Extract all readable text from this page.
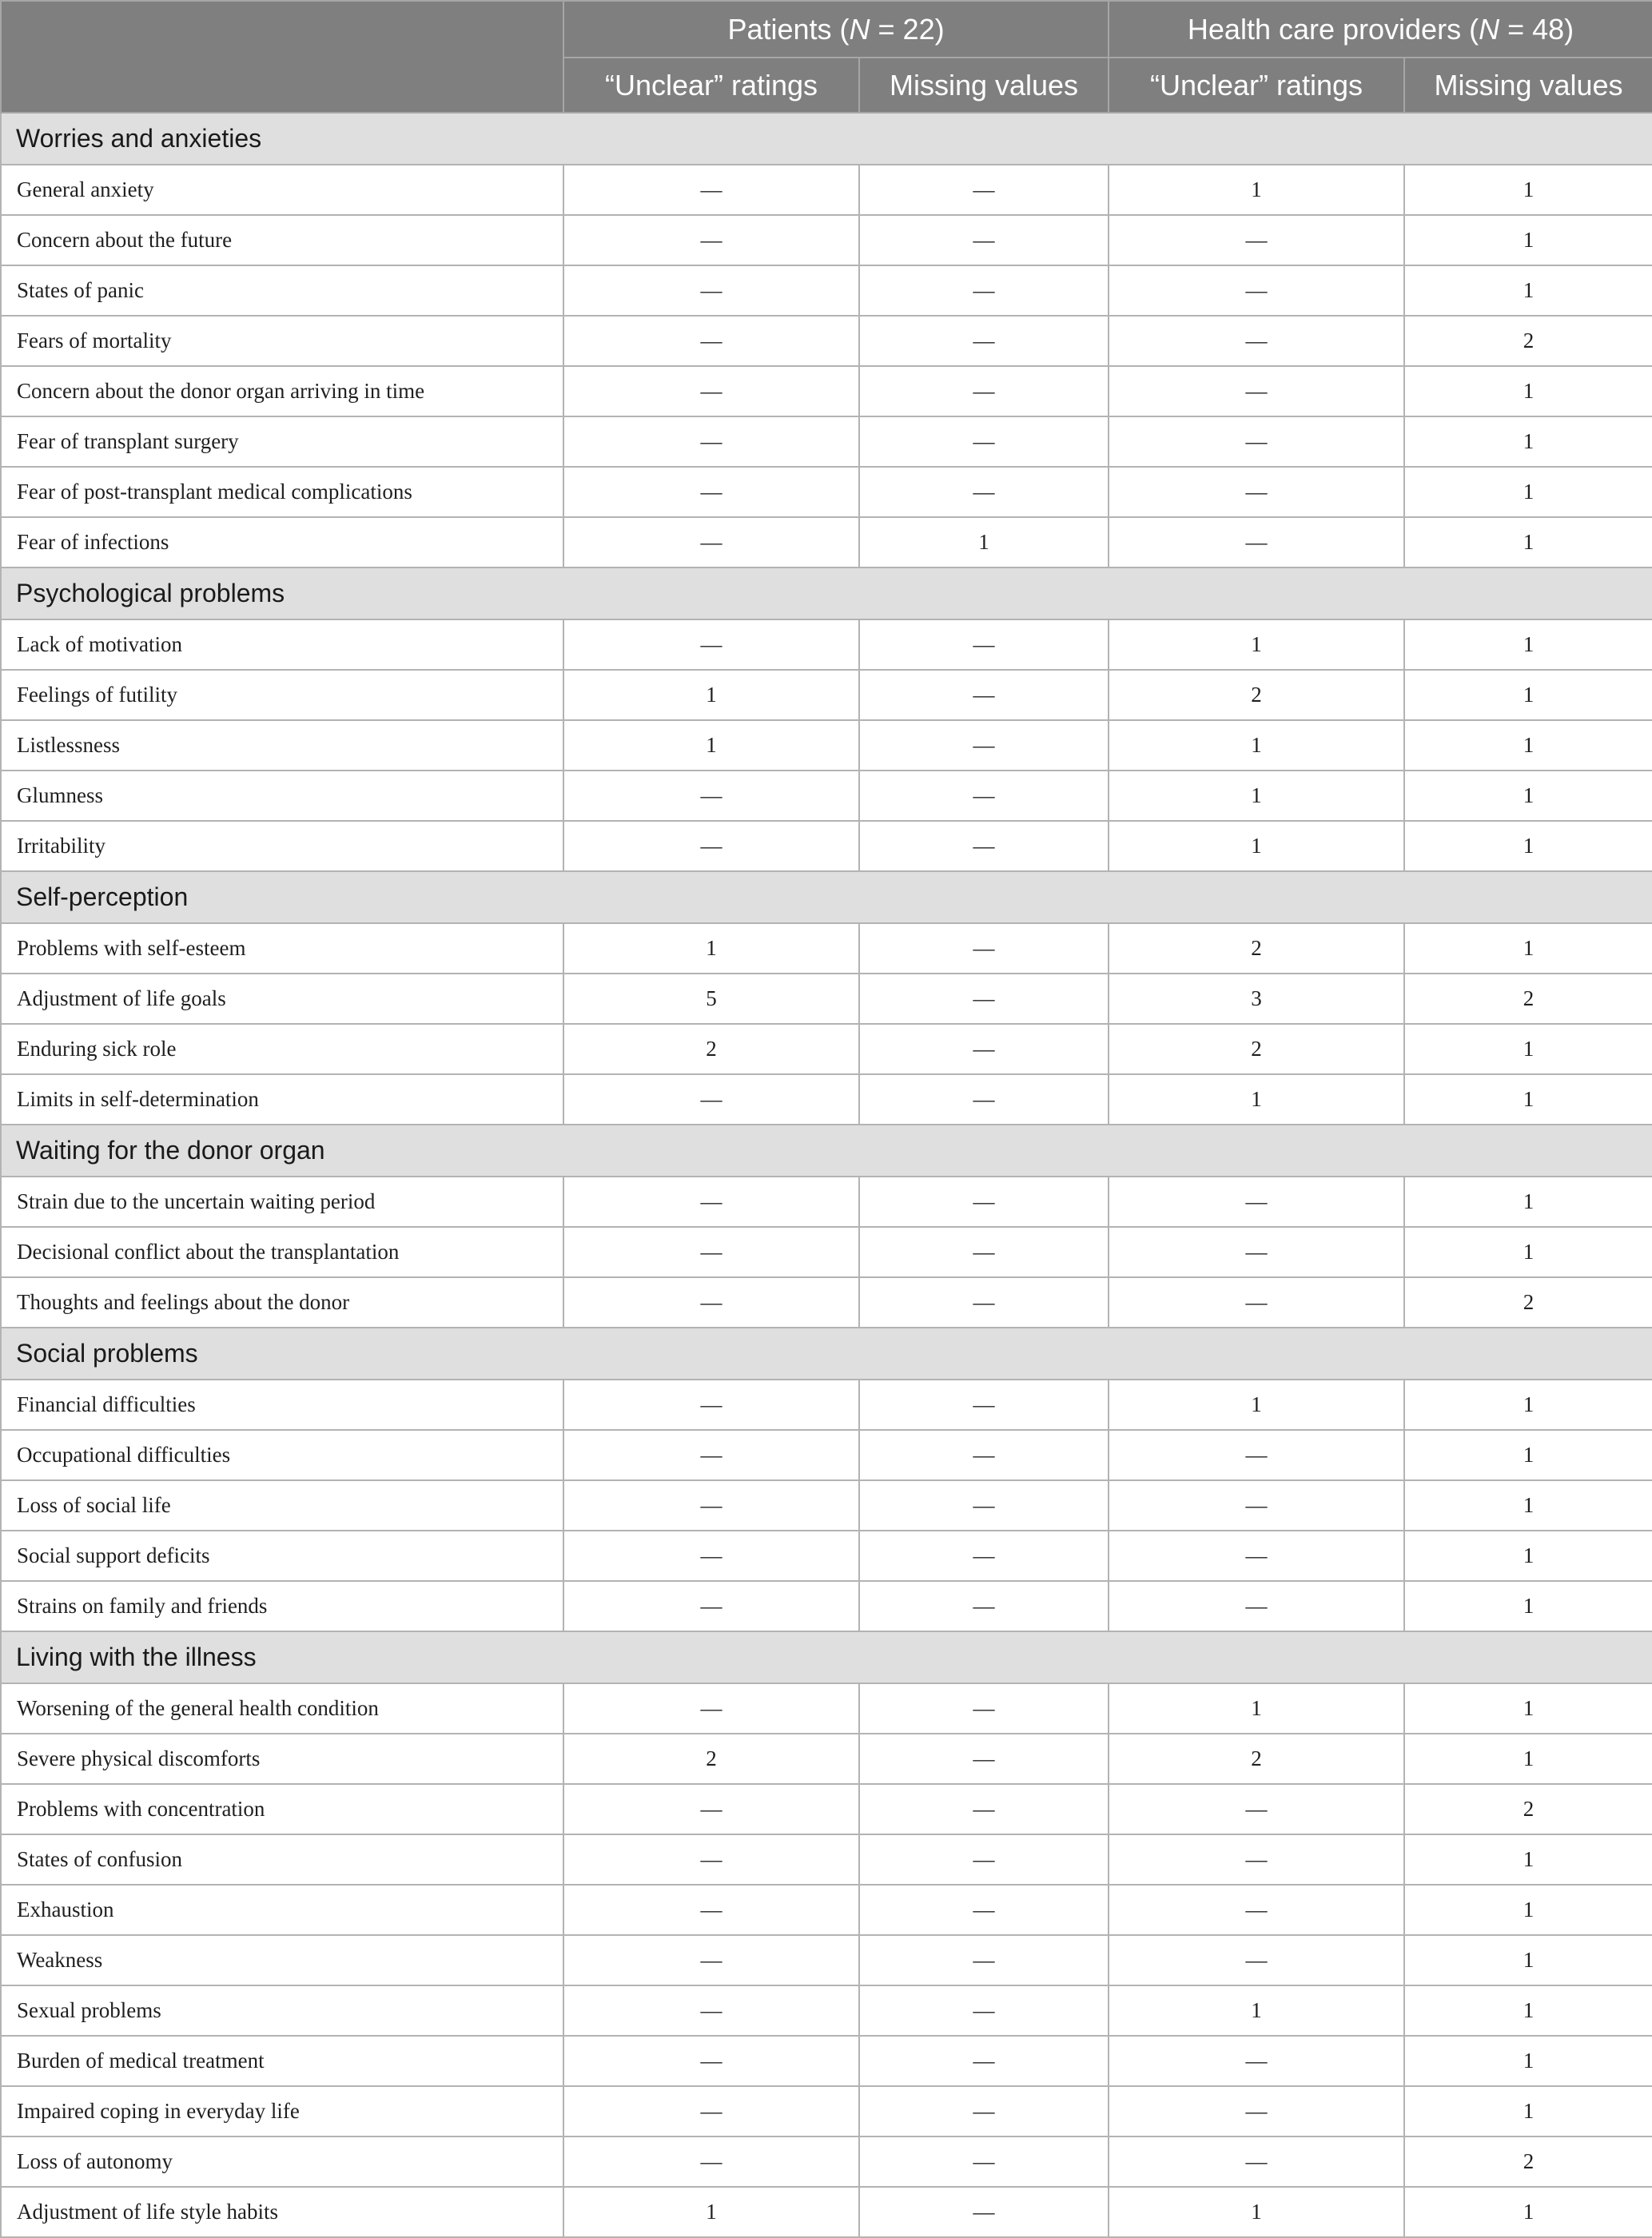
	Patients (N = 22)		Health care providers (N = 48)	
	“Unclear” ratings	Missing values	“Unclear” ratings	Missing values
Worries and anxieties				
General anxiety	—	—	1	1
Concern about the future	—	—	—	1
States of panic	—	—	—	1
Fears of mortality	—	—	—	2
Concern about the donor organ arriving in time	—	—	—	1
Fear of transplant surgery	—	—	—	1
Fear of post-transplant medical complications	—	—	—	1
Fear of infections	—	1	—	1
Psychological problems				
Lack of motivation	—	—	1	1
Feelings of futility	1	—	2	1
Listlessness	1	—	1	1
Glumness	—	—	1	1
Irritability	—	—	1	1
Self-perception				
Problems with self-esteem	1	—	2	1
Adjustment of life goals	5	—	3	2
Enduring sick role	2	—	2	1
Limits in self-determination	—	—	1	1
Waiting for the donor organ				
Strain due to the uncertain waiting period	—	—	—	1
Decisional conflict about the transplantation	—	—	—	1
Thoughts and feelings about the donor	—	—	—	2
Social problems				
Financial difficulties	—	—	1	1
Occupational difficulties	—	—	—	1
Loss of social life	—	—	—	1
Social support deficits	—	—	—	1
Strains on family and friends	—	—	—	1
Living with the illness				
Worsening of the general health condition	—	—	1	1
Severe physical discomforts	2	—	2	1
Problems with concentration	—	—	—	2
States of confusion	—	—	—	1
Exhaustion	—	—	—	1
Weakness	—	—	—	1
Sexual problems	—	—	1	1
Burden of medical treatment	—	—	—	1
Impaired coping in everyday life	—	—	—	1
Loss of autonomy	—	—	—	2
Adjustment of life style habits	1	—	1	1
